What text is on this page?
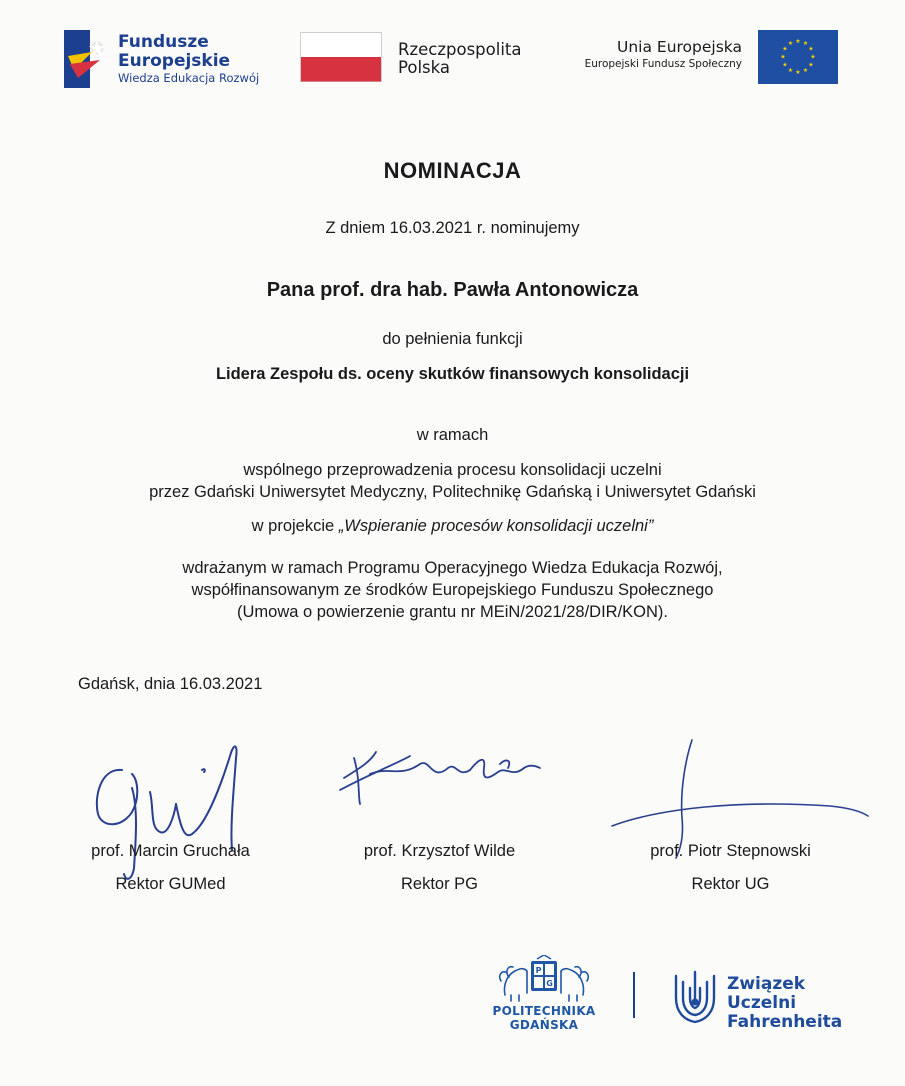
Fundusze
Europejskie
Wiedza Edukacja Rozwój
Rzeczpospolita
Polska
Unia Europejska
Europejski Fundusz Społeczny
★ ★
★
★
★
★
★
★
★
★
★
★
NOMINACJA
Z dniem 16.03.2021 r. nominujemy
Pana prof. dra hab. Pawła Antonowicza
do pełnienia funkcji
Lidera Zespołu ds. oceny skutków finansowych konsolidacji
w ramach
wspólnego przeprowadzenia procesu konsolidacji uczelni
przez Gdański Uniwersytet Medyczny, Politechnikę Gdańską i Uniwersytet Gdański
w projekcie „Wspieranie procesów konsolidacji uczelni”
wdrażanym w ramach Programu Operacyjnego Wiedza Edukacja Rozwój,
współfinansowanym ze środków Europejskiego Funduszu Społecznego
(Umowa o powierzenie grantu nr MEiN/2021/28/DIR/KON).
Gdańsk, dnia 16.03.2021
prof. Marcin Gruchała
Rektor GUMed
prof. Krzysztof Wilde
Rektor PG
prof. Piotr Stepnowski
Rektor UG
P
G
POLITECHNIKA
GDAŃSKA
Związek
Uczelni
Fahrenheita
